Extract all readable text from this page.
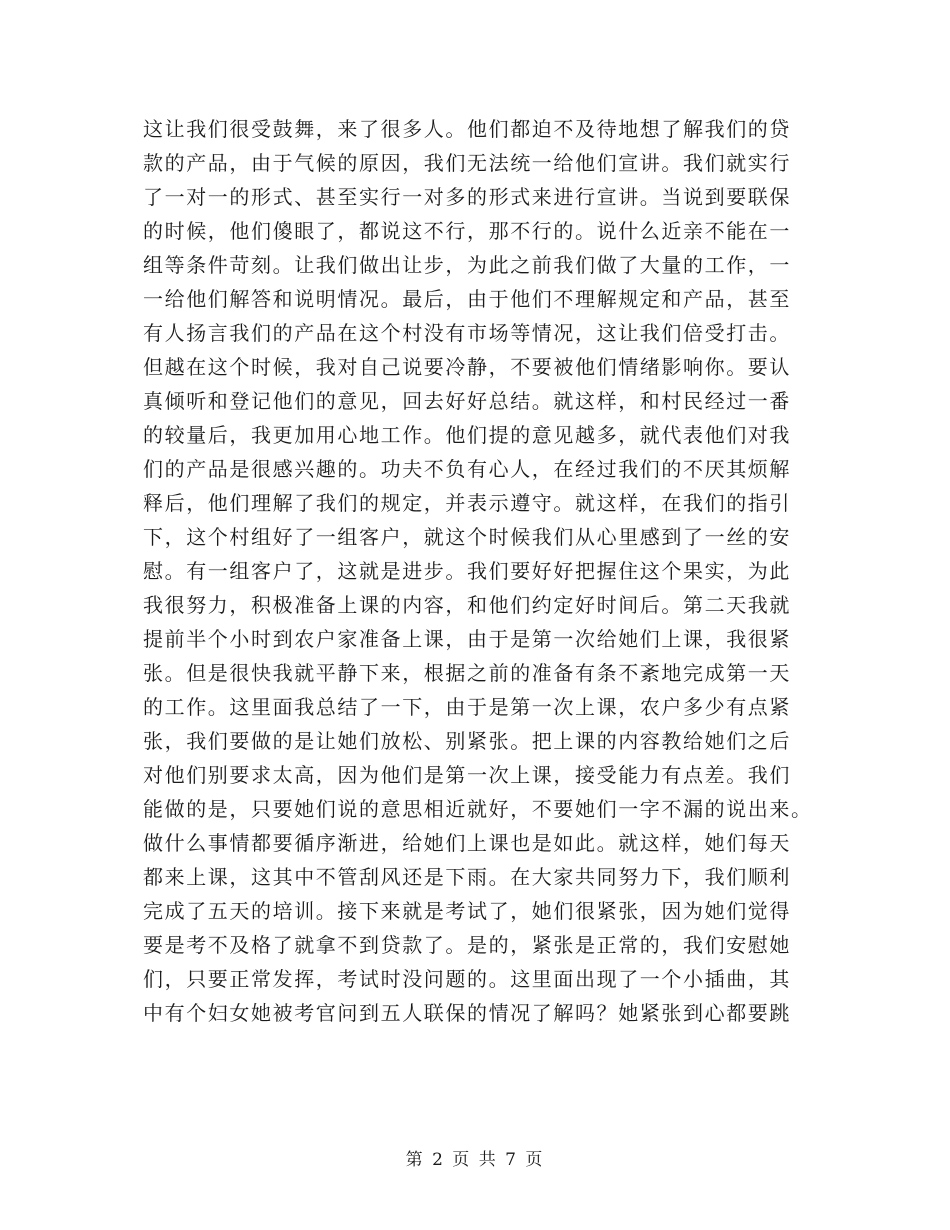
这让我们很受鼓舞，来了很多人。他们都迫不及待地想了解我们的贷
款的产品，由于气候的原因，我们无法统一给他们宣讲。我们就实行
了一对一的形式、甚至实行一对多的形式来进行宣讲。当说到要联保
的时候，他们傻眼了，都说这不行，那不行的。说什么近亲不能在一
组等条件苛刻。让我们做出让步，为此之前我们做了大量的工作，一
一给他们解答和说明情况。最后，由于他们不理解规定和产品，甚至
有人扬言我们的产品在这个村没有市场等情况，这让我们倍受打击。
但越在这个时候，我对自己说要冷静，不要被他们情绪影响你。要认
真倾听和登记他们的意见，回去好好总结。就这样，和村民经过一番
的较量后，我更加用心地工作。他们提的意见越多，就代表他们对我
们的产品是很感兴趣的。功夫不负有心人，在经过我们的不厌其烦解
释后，他们理解了我们的规定，并表示遵守。就这样，在我们的指引
下，这个村组好了一组客户，就这个时候我们从心里感到了一丝的安
慰。有一组客户了，这就是进步。我们要好好把握住这个果实，为此
我很努力，积极准备上课的内容，和他们约定好时间后。第二天我就
提前半个小时到农户家准备上课，由于是第一次给她们上课，我很紧
张。但是很快我就平静下来，根据之前的准备有条不紊地完成第一天
的工作。这里面我总结了一下，由于是第一次上课，农户多少有点紧
张，我们要做的是让她们放松、别紧张。把上课的内容教给她们之后
对他们别要求太高，因为他们是第一次上课，接受能力有点差。我们
能做的是，只要她们说的意思相近就好，不要她们一字不漏的说出来。
做什么事情都要循序渐进，给她们上课也是如此。就这样，她们每天
都来上课，这其中不管刮风还是下雨。在大家共同努力下，我们顺利
完成了五天的培训。接下来就是考试了，她们很紧张，因为她们觉得
要是考不及格了就拿不到贷款了。是的，紧张是正常的，我们安慰她
们，只要正常发挥，考试时没问题的。这里面出现了一个小插曲，其
中有个妇女她被考官问到五人联保的情况了解吗？她紧张到心都要跳
第 2 页 共 7 页
